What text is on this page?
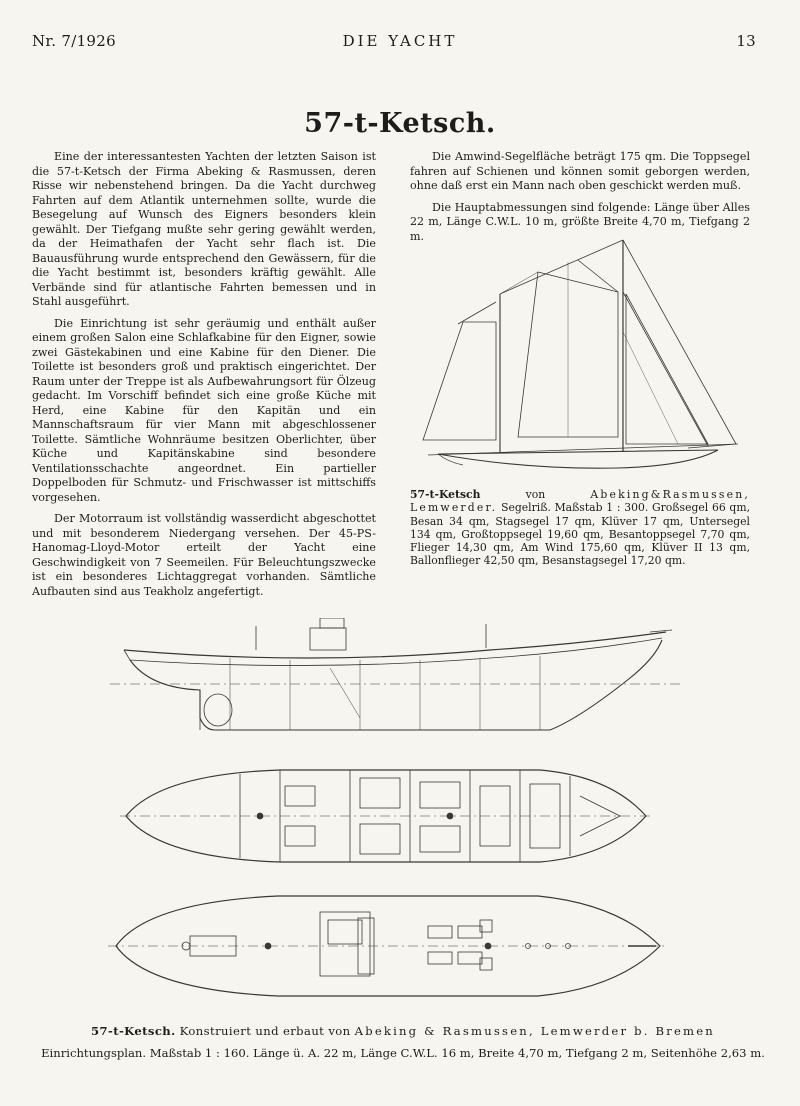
Nr. 7/1926	DIE YACHT	13
57-t-Ketsch.

Eine der interessantesten Yachten der letzten Saison ist die 57-t-Ketsch der Firma Abeking & Rasmussen, deren Risse wir nebenstehend bringen. Da die Yacht durchweg Fahrten auf dem Atlantik unternehmen sollte, wurde die Besegelung auf Wunsch des Eigners besonders klein gewählt. Der Tiefgang mußte sehr gering gewählt werden, da der Heimathafen der Yacht sehr flach ist. Die Bauausführung wurde entsprechend den Gewässern, für die die Yacht bestimmt ist, besonders kräftig gewählt. Alle Verbände sind für atlantische Fahrten bemessen und in Stahl ausgeführt.

Die Einrichtung ist sehr geräumig und enthält außer einem großen Salon eine Schlafkabine für den Eigner, sowie zwei Gästekabinen und eine Kabine für den Diener. Die Toilette ist besonders groß und praktisch eingerichtet. Der Raum unter der Treppe ist als Aufbewahrungsort für Ölzeug gedacht. Im Vorschiff befindet sich eine große Küche mit Herd, eine Kabine für den Kapitän und ein Mannschaftsraum für vier Mann mit abgeschlossener Toilette. Sämtliche Wohnräume besitzen Oberlichter, über Küche und Kapitänskabine sind besondere Ventilationsschachte angeordnet. Ein partieller Doppelboden für Schmutz- und Frischwasser ist mittschiffs vorgesehen.

Der Motorraum ist vollständig wasserdicht abgeschottet und mit besonderem Niedergang versehen. Der 45-PS-Hanomag-Lloyd-Motor erteilt der Yacht eine Geschwindigkeit von 7 Seemeilen. Für Beleuchtungszwecke ist ein besonderes Lichtaggregat vorhanden. Sämtliche Aufbauten sind aus Teakholz angefertigt.

Die Amwind-Segelfläche beträgt 175 qm. Die Toppsegel fahren auf Schienen und können somit geborgen werden, ohne daß erst ein Mann nach oben geschickt werden muß.

Die Hauptabmessungen sind folgende: Länge über Alles 22 m, Länge C.W.L. 10 m, größte Breite 4,70 m, Tiefgang 2 m.

57-t-Ketsch	von	Abeking&Rasmussen, Lemwerder. Segelriß. Maßstab 1 : 300. Großsegel 66 qm, Besan 34 qm, Stagsegel 17 qm, Klüver 17 qm, Untersegel 134 qm, Großtoppsegel 19,60 qm, Besantoppsegel 7,70 qm, Flieger 14,30 qm, Am Wind 175,60 qm, Klüver II 13 qm, Ballonflieger 42,50 qm, Besanstagsegel 17,20 qm.
57-t-Ketsch. Konstruiert und erbaut von Abeking & Rasmussen, Lemwerder b. Bremen
Einrichtungsplan. Maßstab 1 : 160. Länge ü. A. 22 m, Länge C.W.L. 16 m, Breite 4,70 m, Tiefgang 2 m, Seitenhöhe 2,63 m.
